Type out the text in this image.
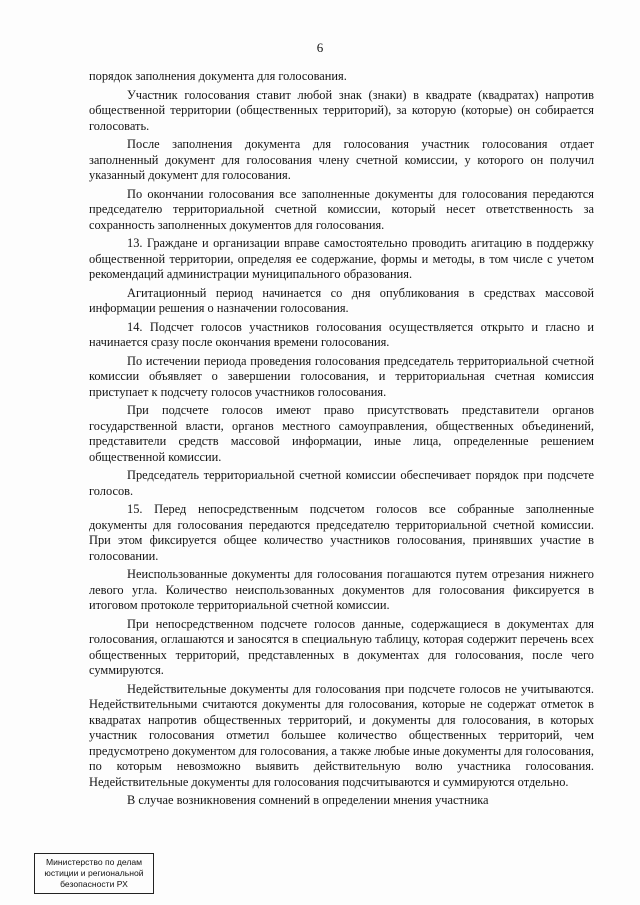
6

порядок заполнения документа для голосования.

Участник голосования ставит любой знак (знаки) в квадрате (квадратах) напротив общественной территории (общественных территорий), за которую (которые) он собирается голосовать.

После заполнения документа для голосования участник голосования отдает заполненный документ для голосования члену счетной комиссии, у которого он получил указанный документ для голосования.

По окончании голосования все заполненные документы для голосования передаются председателю территориальной счетной комиссии, который несет ответственность за сохранность заполненных документов для голосования.

13. Граждане и организации вправе самостоятельно проводить агитацию в поддержку общественной территории, определяя ее содержание, формы и методы, в том числе с учетом рекомендаций администрации муниципального образования.

Агитационный период начинается со дня опубликования в средствах массовой информации решения о назначении голосования.

14. Подсчет голосов участников голосования осуществляется открыто и гласно и начинается сразу после окончания времени голосования.

По истечении периода проведения голосования председатель территориальной счетной комиссии объявляет о завершении голосования, и территориальная счетная комиссия приступает к подсчету голосов участников голосования.

При подсчете голосов имеют право присутствовать представители органов государственной власти, органов местного самоуправления, общественных объединений, представители средств массовой информации, иные лица, определенные решением общественной комиссии.

Председатель территориальной счетной комиссии обеспечивает порядок при подсчете голосов.

15. Перед непосредственным подсчетом голосов все собранные заполненные документы для голосования передаются председателю территориальной счетной комиссии. При этом фиксируется общее количество участников голосования, принявших участие в голосовании.

Неиспользованные документы для голосования погашаются путем отрезания нижнего левого угла. Количество неиспользованных документов для голосования фиксируется в итоговом протоколе территориальной счетной комиссии.

При непосредственном подсчете голосов данные, содержащиеся в документах для голосования, оглашаются и заносятся в специальную таблицу, которая содержит перечень всех общественных территорий, представленных в документах для голосования, после чего суммируются.

Недействительные документы для голосования при подсчете голосов не учитываются. Недействительными считаются документы для голосования, которые не содержат отметок в квадратах напротив общественных территорий, и документы для голосования, в которых участник голосования отметил большее количество общественных территорий, чем предусмотрено документом для голосования, а также любые иные документы для голосования, по которым невозможно выявить действительную волю участника голосования. Недействительные документы для голосования подсчитываются и суммируются отдельно.

В случае возникновения сомнений в определении мнения участника

Министерство по делам
юстиции и региональной
безопасности РХ
